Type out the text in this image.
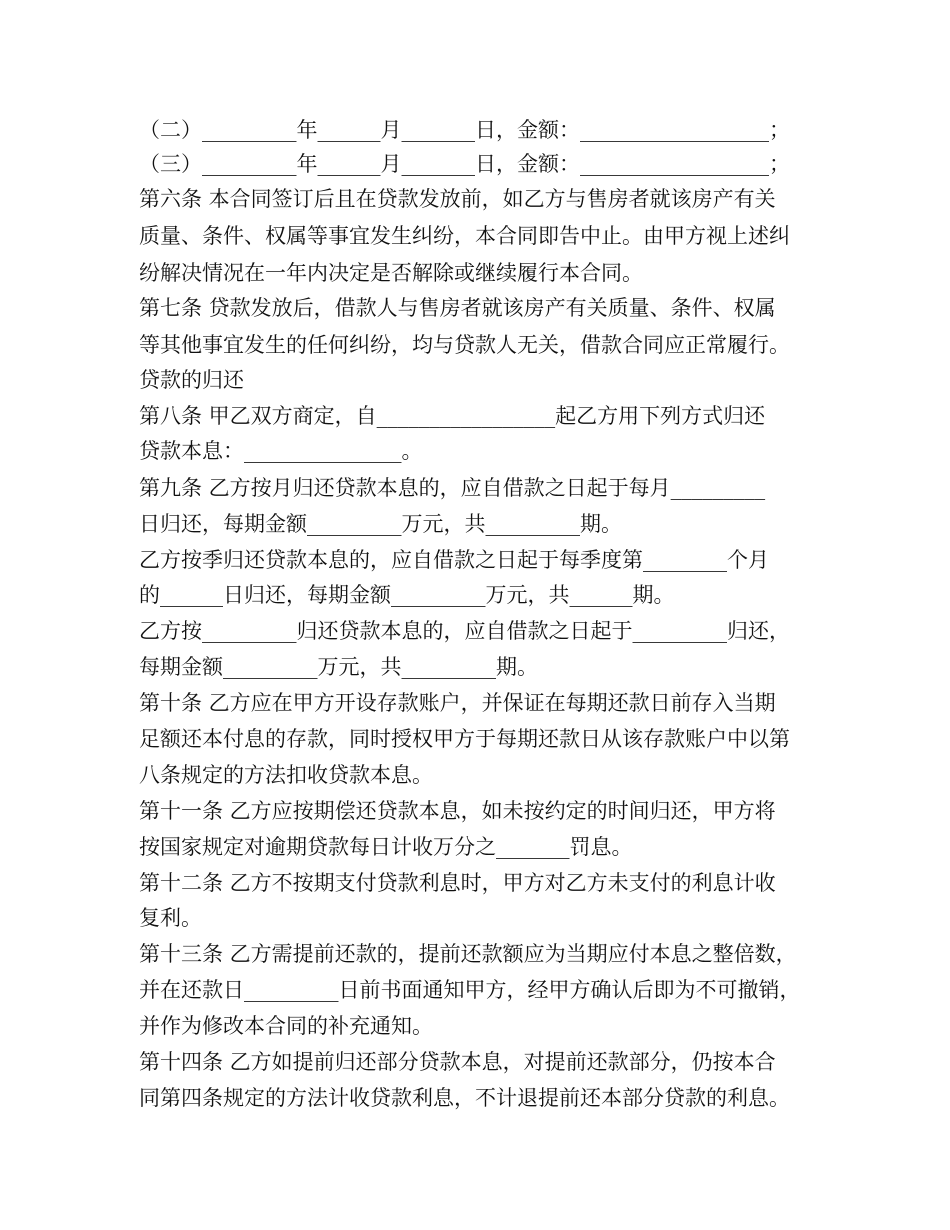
（二）_________年______月_______日，金额：__________________；
（三）_________年______月_______日，金额：__________________；
第六条 本合同签订后且在贷款发放前，如乙方与售房者就该房产有关
质量、条件、权属等事宜发生纠纷，本合同即告中止。由甲方视上述纠
纷解决情况在一年内决定是否解除或继续履行本合同。
第七条 贷款发放后，借款人与售房者就该房产有关质量、条件、权属
等其他事宜发生的任何纠纷，均与贷款人无关，借款合同应正常履行。
贷款的归还
第八条 甲乙双方商定，自_________________起乙方用下列方式归还
贷款本息：_______________。
第九条 乙方按月归还贷款本息的，应自借款之日起于每月_________
日归还，每期金额_________万元，共_________期。
乙方按季归还贷款本息的，应自借款之日起于每季度第________个月
的______日归还，每期金额_________万元，共______期。
乙方按_________归还贷款本息的，应自借款之日起于_________归还，
每期金额_________万元，共_________期。
第十条 乙方应在甲方开设存款账户，并保证在每期还款日前存入当期
足额还本付息的存款，同时授权甲方于每期还款日从该存款账户中以第
八条规定的方法扣收贷款本息。
第十一条 乙方应按期偿还贷款本息，如未按约定的时间归还，甲方将
按国家规定对逾期贷款每日计收万分之_______罚息。
第十二条 乙方不按期支付贷款利息时，甲方对乙方未支付的利息计收
复利。
第十三条 乙方需提前还款的，提前还款额应为当期应付本息之整倍数，
并在还款日_________日前书面通知甲方，经甲方确认后即为不可撤销，
并作为修改本合同的补充通知。
第十四条 乙方如提前归还部分贷款本息，对提前还款部分，仍按本合
同第四条规定的方法计收贷款利息，不计退提前还本部分贷款的利息。
